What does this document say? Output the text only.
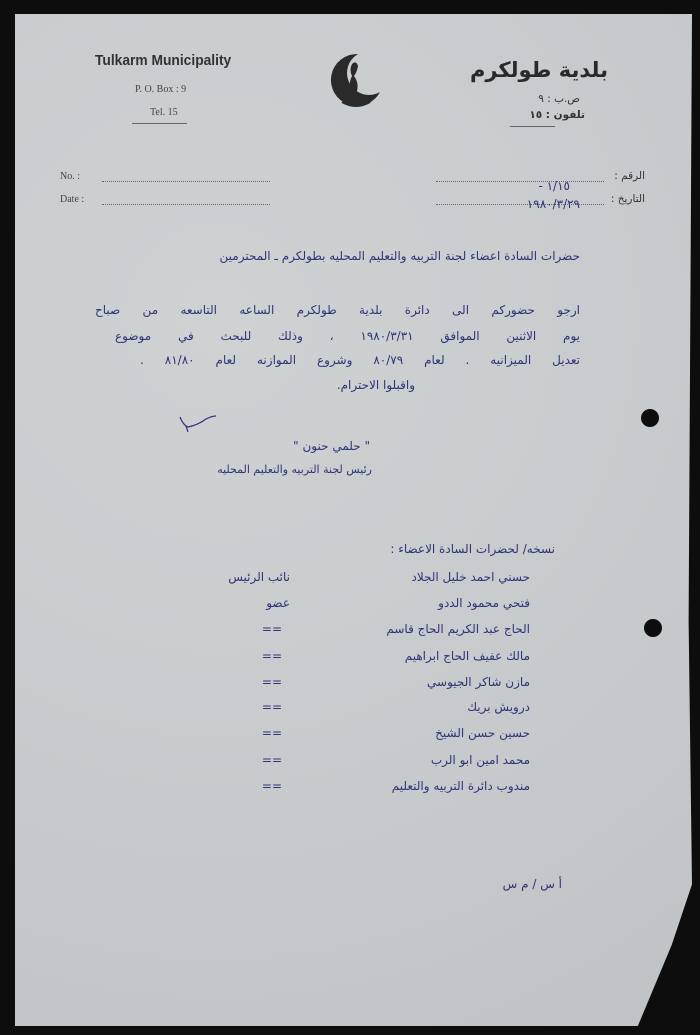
Tulkarm Municipality
P. O. Box : 9
Tel. 15
بلدية طولكرم
ص.ب : ٩
تلفون : ١٥
No. :
Date :
الرقم :
١/١٥ -
التاريخ :
١٩٨٠/٣/٢٩
حضرات السادة اعضاء لجنة التربيه والتعليم المحليه بطولكرم ـ المحترمين
ارجو حضوركم الى دائرة بلدية طولكرم الساعه التاسعه من صباح
يوم الاثنين الموافق ١٩٨٠/٣/٣١ ، وذلك للبحث في موضوع
تعديل الميزانيه . لعام ٨٠/٧٩ وشروع الموازنه لعام ٨١/٨٠ .
واقبلوا الاحترام.
" حلمي حنون "
رئيس لجنة التربيه والتعليم المحليه
نسخه/ لحضرات السادة الاعضاء :
حسني احمد خليل الجلاد
نائب الرئيس
فتحي محمود الددو
عضو
الحاج عبد الكريم الحاج قاسم
==
مالك عفيف الحاج ابراهيم
==
مازن شاكر الجيوسي
==
درويش بريك
==
حسين حسن الشيخ
==
محمد امين ابو الرب
==
مندوب دائرة التربيه والتعليم
==
أ س / م س
